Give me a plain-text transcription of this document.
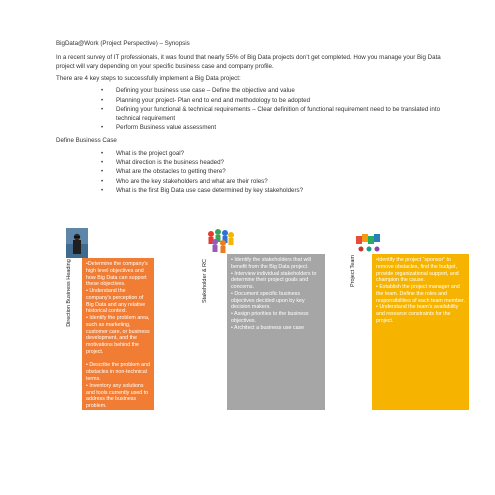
BigData@Work (Project Perspective) – Synopsis

In a recent survey of IT professionals, it was found that nearly 55% of Big Data projects don’t get completed. How you manage your Big Data project will vary depending on your specific business case and company profile.

There are 4 key steps to successfully implement a Big Data project:

• Defining your business use case – Define the objective and value
• Planning your project- Plan end to end and methodology to be adopted
• Defining your functional & technical requirements – Clear definition of functional requirement need to be translated into technical requirement
• Perform Business value assessment

Define Business Case

• What is the project goal?
• What direction is the business headed?
• What are the obstacles to getting there?
• Who are the key stakeholders and what are their roles?
• What is the first Big Data use case determined by key stakeholders?
Direction Business Heading	•Determine the company's high level objectives and how Big Data can support these objectives.
• Understand the company's perception of Big Data and any relative historical context.
• Identify the problem area, such as marketing, customer care, or business development, and the motivations behind the project.

• Describe the problem and obstacles in non-technical terms.
• Inventory any solutions and tools currently used to address the business problem.
• Weigh the advantages and disadvantages of the current solutions.
• Navigate the process for initiating new projects and implementing solutions.
Stakeholder & RC	• Identify the stakeholders that will benefit from the Big Data project.
• Interview individual stakeholders to determine their project goals and concerns.
• Document specific business objectives decided upon by key decision makers.
• Assign priorities to the business objectives.
• Architect a business use case
Project Team	•Identify the project “sponsor” to remove obstacles, find the budget, provide organizational support, and champion the cause.
• Establish the project manager and the team. Define the roles and responsibilities of each team member.
• Understand the team's availability and resource constraints for the project.
